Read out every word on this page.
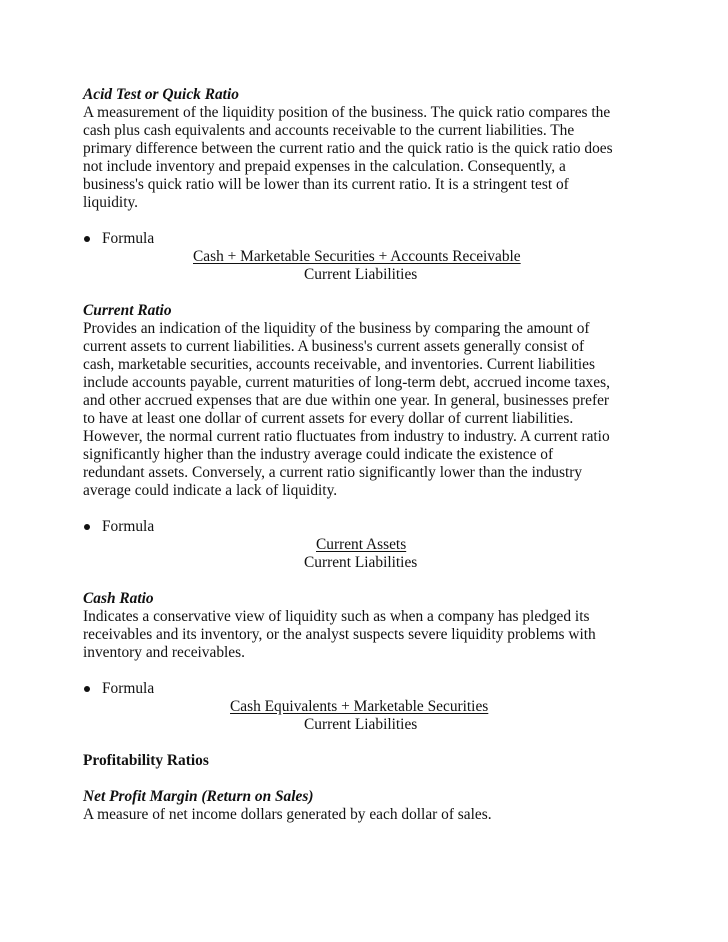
Acid Test or Quick Ratio
A measurement of the liquidity position of the business. The quick ratio compares the
cash plus cash equivalents and accounts receivable to the current liabilities. The
primary difference between the current ratio and the quick ratio is the quick ratio does
not include inventory and prepaid expenses in the calculation. Consequently, a
business's quick ratio will be lower than its current ratio. It is a stringent test of
liquidity.
Formula
Cash + Marketable Securities + Accounts Receivable
Current Liabilities
Current Ratio
Provides an indication of the liquidity of the business by comparing the amount of
current assets to current liabilities. A business's current assets generally consist of
cash, marketable securities, accounts receivable, and inventories. Current liabilities
include accounts payable, current maturities of long-term debt, accrued income taxes,
and other accrued expenses that are due within one year. In general, businesses prefer
to have at least one dollar of current assets for every dollar of current liabilities.
However, the normal current ratio fluctuates from industry to industry. A current ratio
significantly higher than the industry average could indicate the existence of
redundant assets. Conversely, a current ratio significantly lower than the industry
average could indicate a lack of liquidity.
Formula
Current Assets
Current Liabilities
Cash Ratio
Indicates a conservative view of liquidity such as when a company has pledged its
receivables and its inventory, or the analyst suspects severe liquidity problems with
inventory and receivables.
Formula
Cash Equivalents + Marketable Securities
Current Liabilities
Profitability Ratios
Net Profit Margin (Return on Sales)
A measure of net income dollars generated by each dollar of sales.
